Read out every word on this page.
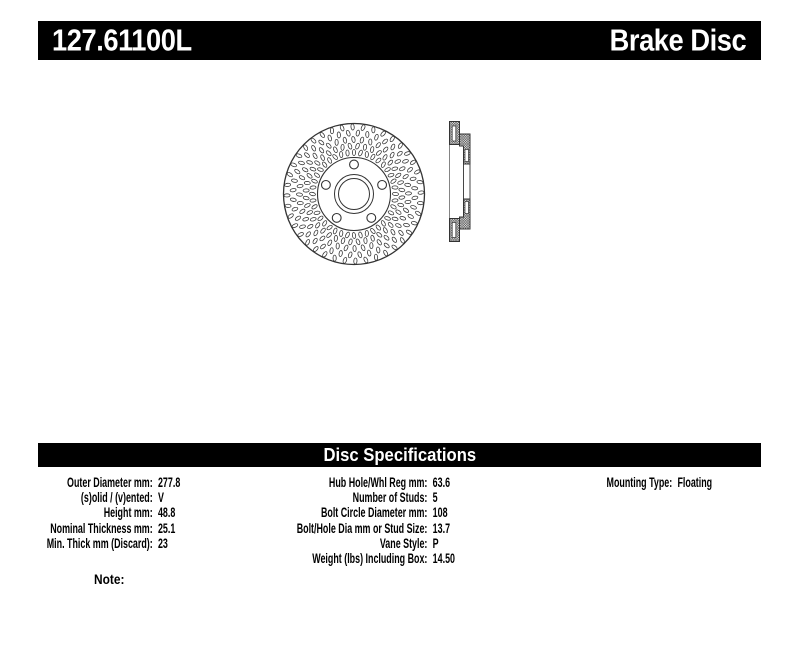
127.61100L	Brake Disc
Disc Specifications
Outer Diameter mm: 277.8
(s)olid / (v)ented: V
Height mm: 48.8
Nominal Thickness mm: 25.1
Min. Thick mm (Discard): 23
Hub Hole/Whl Reg mm: 63.6
Number of Studs: 5
Bolt Circle Diameter mm: 108
Bolt/Hole Dia mm or Stud Size: 13.7
Vane Style: P
Weight (lbs) Including Box: 14.50
Mounting Type: Floating
Note:
